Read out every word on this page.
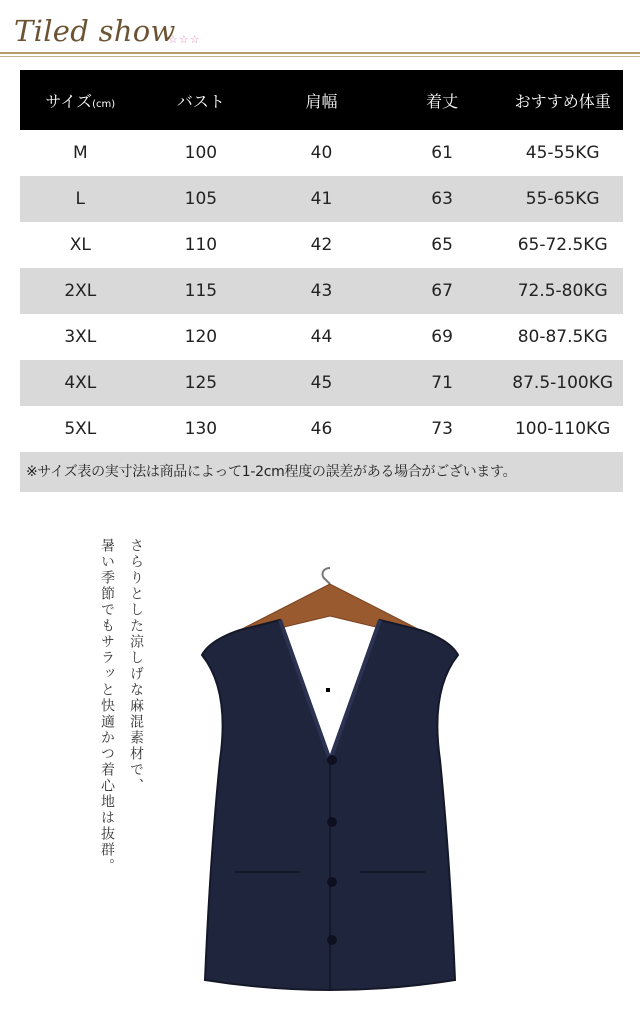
Tiled show
☆☆☆
サイズ(cm)	バスト	肩幅	着丈	おすすめ体重
M	100	40	61	45-55KG
L	105	41	63	55-65KG
XL	110	42	65	65-72.5KG
2XL	115	43	67	72.5-80KG
3XL	120	44	69	80-87.5KG
4XL	125	45	71	87.5-100KG
5XL	130	46	73	100-110KG
※サイズ表の実寸法は商品によって1-2cm程度の誤差がある場合がございます。
さらりとした涼しげな麻混素材で、
暑い季節でもサラッと快適かつ着心地は抜群。
